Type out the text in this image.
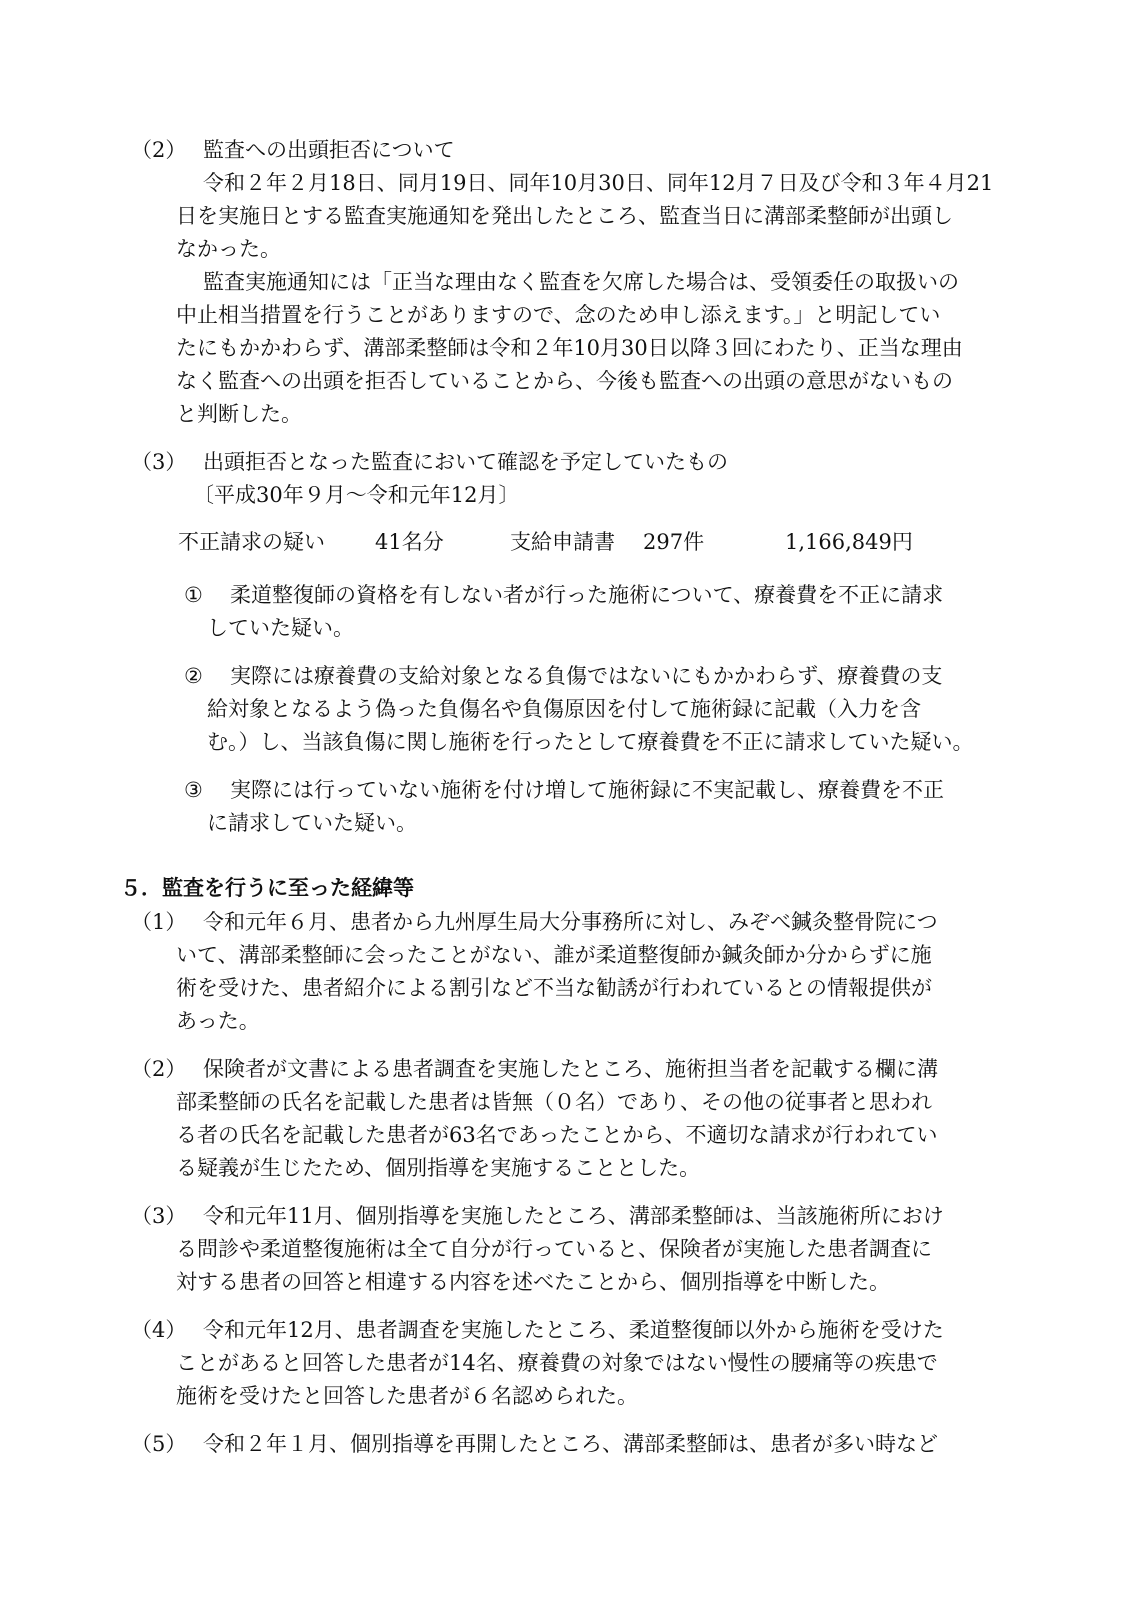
（2） 監査への出頭拒否について
令和２年２月18日、同月19日、同年10月30日、同年12月７日及び令和３年４月21
日を実施日とする監査実施通知を発出したところ、監査当日に溝部柔整師が出頭し
なかった。
監査実施通知には「正当な理由なく監査を欠席した場合は、受領委任の取扱いの
中止相当措置を行うことがありますので、念のため申し添えます。」と明記してい
たにもかかわらず、溝部柔整師は令和２年10月30日以降３回にわたり、正当な理由
なく監査への出頭を拒否していることから、今後も監査への出頭の意思がないもの
と判断した。
（3） 出頭拒否となった監査において確認を予定していたもの
〔平成30年９月～令和元年12月〕
不正請求の疑い 41名分	支給申請書 297件	1,166,849円
① 柔道整復師の資格を有しない者が行った施術について、療養費を不正に請求
していた疑い。
② 実際には療養費の支給対象となる負傷ではないにもかかわらず、療養費の支
給対象となるよう偽った負傷名や負傷原因を付して施術録に記載（入力を含
む。）し、当該負傷に関し施術を行ったとして療養費を不正に請求していた疑い。
③ 実際には行っていない施術を付け増して施術録に不実記載し、療養費を不正
に請求していた疑い。
５．監査を行うに至った経緯等
（1） 令和元年６月、患者から九州厚生局大分事務所に対し、みぞべ鍼灸整骨院につ
いて、溝部柔整師に会ったことがない、誰が柔道整復師か鍼灸師か分からずに施
術を受けた、患者紹介による割引など不当な勧誘が行われているとの情報提供が
あった。
（2） 保険者が文書による患者調査を実施したところ、施術担当者を記載する欄に溝
部柔整師の氏名を記載した患者は皆無（０名）であり、その他の従事者と思われ
る者の氏名を記載した患者が63名であったことから、不適切な請求が行われてい
る疑義が生じたため、個別指導を実施することとした。
（3） 令和元年11月、個別指導を実施したところ、溝部柔整師は、当該施術所におけ
る問診や柔道整復施術は全て自分が行っていると、保険者が実施した患者調査に
対する患者の回答と相違する内容を述べたことから、個別指導を中断した。
（4） 令和元年12月、患者調査を実施したところ、柔道整復師以外から施術を受けた
ことがあると回答した患者が14名、療養費の対象ではない慢性の腰痛等の疾患で
施術を受けたと回答した患者が６名認められた。
（5） 令和２年１月、個別指導を再開したところ、溝部柔整師は、患者が多い時など
